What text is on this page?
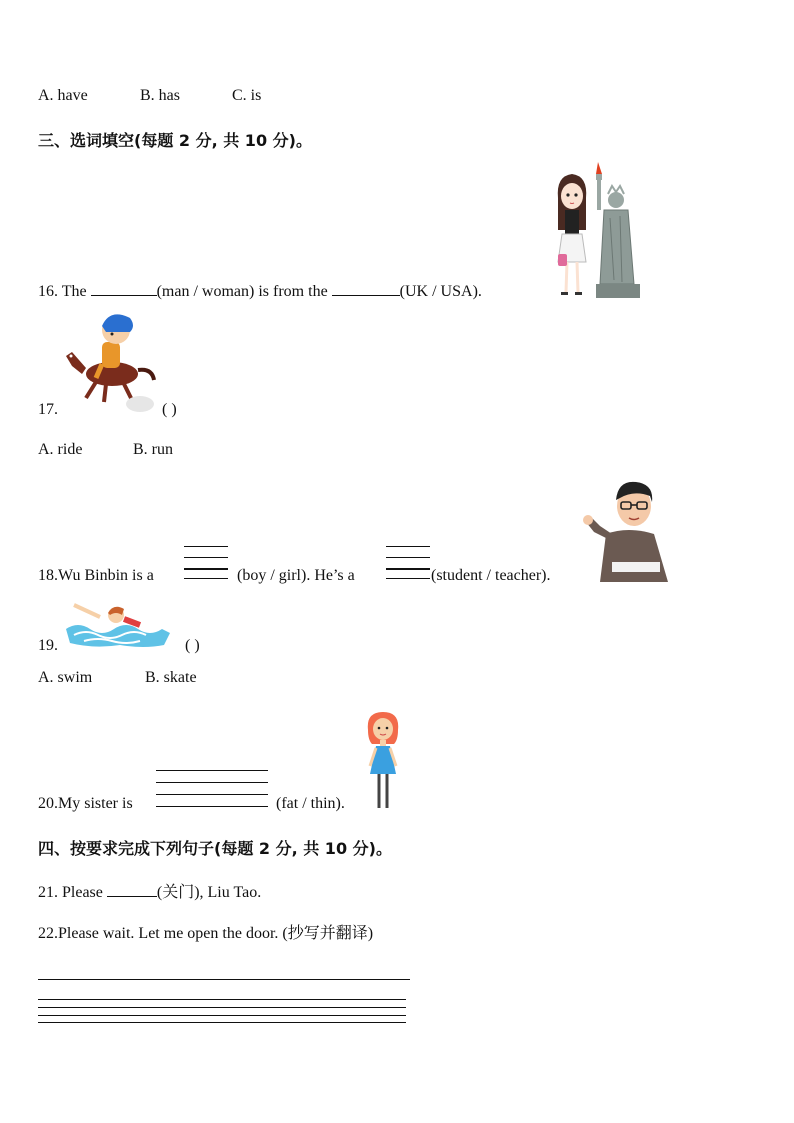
A. have	B. has	C. is
三、选词填空(每题 2 分, 共 10 分)。
16. The	(man / woman) is from the	(UK / USA).
17.	( )
A. ride	B. run
18.Wu Binbin is a	(boy / girl). He’s a	(student / teacher).
19.	( )
A. swim	B. skate
20.My sister is	(fat / thin).
四、按要求完成下列句子(每题 2 分, 共 10 分)。
21. Please	(关门), Liu Tao.
22.Please wait. Let me open the door. (抄写并翻译)
